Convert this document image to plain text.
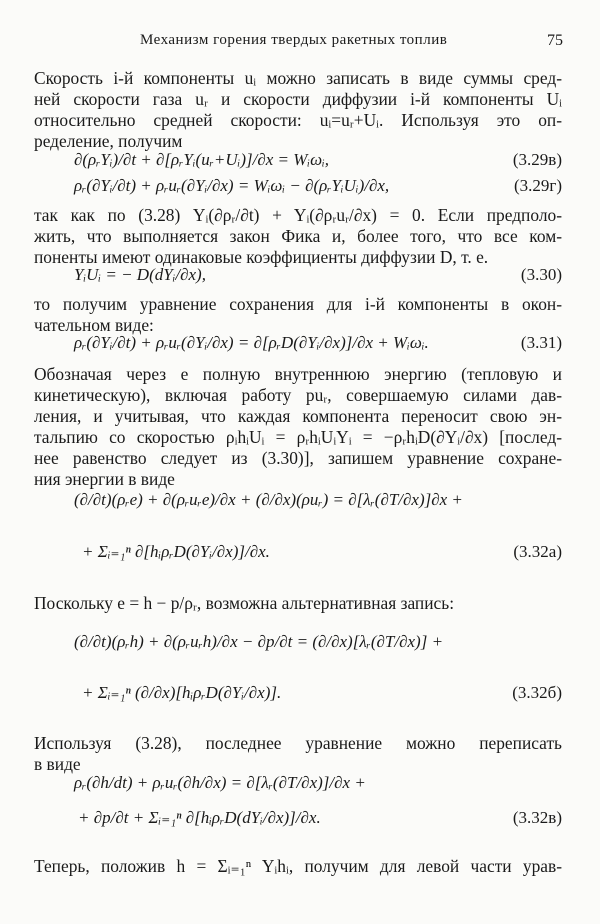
Механизм горения твердых ракетных топлив	75
Скорость i-й компоненты uᵢ можно записать в виде суммы сред-
ней скорости газа uᵣ и скорости диффузии i-й компоненты Uᵢ
относительно средней скорости: uᵢ=uᵣ+Uᵢ. Используя это оп-
ределение, получим
∂(ρᵣYᵢ)/∂t + ∂[ρᵣYᵢ(uᵣ+Uᵢ)]/∂x = Wᵢωᵢ,	(3.29в)
ρᵣ(∂Yᵢ/∂t) + ρᵣuᵣ(∂Yᵢ/∂x) = Wᵢωᵢ − ∂(ρᵣYᵢUᵢ)/∂x,	(3.29г)
так как по (3.28) Yᵢ(∂ρᵣ/∂t) + Yᵢ(∂ρᵣuᵣ/∂x) = 0. Если предполо-
жить, что выполняется закон Фика и, более того, что все ком-
поненты имеют одинаковые коэффициенты диффузии D, т. е.
YᵢUᵢ = − D(dYᵢ/∂x),	(3.30)
то получим уравнение сохранения для i-й компоненты в окон-
чательном виде:
ρᵣ(∂Yᵢ/∂t) + ρᵣuᵣ(∂Yᵢ/∂x) = ∂[ρᵣD(∂Yᵢ/∂x)]/∂x + Wᵢωᵢ.	(3.31)
Обозначая через e полную внутреннюю энергию (тепловую и
кинетическую), включая работу puᵣ, совершаемую силами дав-
ления, и учитывая, что каждая компонента переносит свою эн-
тальпию со скоростью ρᵢhᵢUᵢ = ρᵣhᵢUᵢYᵢ = −ρᵣhᵢD(∂Yᵢ/∂x) [послед-
нее равенство следует из (3.30)], запишем уравнение сохране-
ния энергии в виде
(∂/∂t)(ρᵣe) + ∂(ρᵣuᵣe)/∂x + (∂/∂x)(ρuᵣ) = ∂[λᵣ(∂T/∂x)]∂x +
+ Σᵢ₌₁ⁿ ∂[hᵢρᵣD(∂Yᵢ/∂x)]/∂x.	(3.32а)
Поскольку e = h − p/ρᵣ, возможна альтернативная запись:
(∂/∂t)(ρᵣh) + ∂(ρᵣuᵣh)/∂x − ∂p/∂t = (∂/∂x)[λᵣ(∂T/∂x)] +
+ Σᵢ₌₁ⁿ (∂/∂x)[hᵢρᵣD(∂Yᵢ/∂x)].	(3.32б)
Используя (3.28), последнее уравнение можно переписать
в виде
ρᵣ(∂h/dt) + ρᵣuᵣ(∂h/∂x) = ∂[λᵣ(∂T/∂x)]/∂x +
+ ∂p/∂t + Σᵢ₌₁ⁿ ∂[hᵢρᵣD(dYᵢ/∂x)]/∂x.	(3.32в)
Теперь, положив h = Σᵢ₌₁ⁿ Yᵢhᵢ, получим для левой части урав-
